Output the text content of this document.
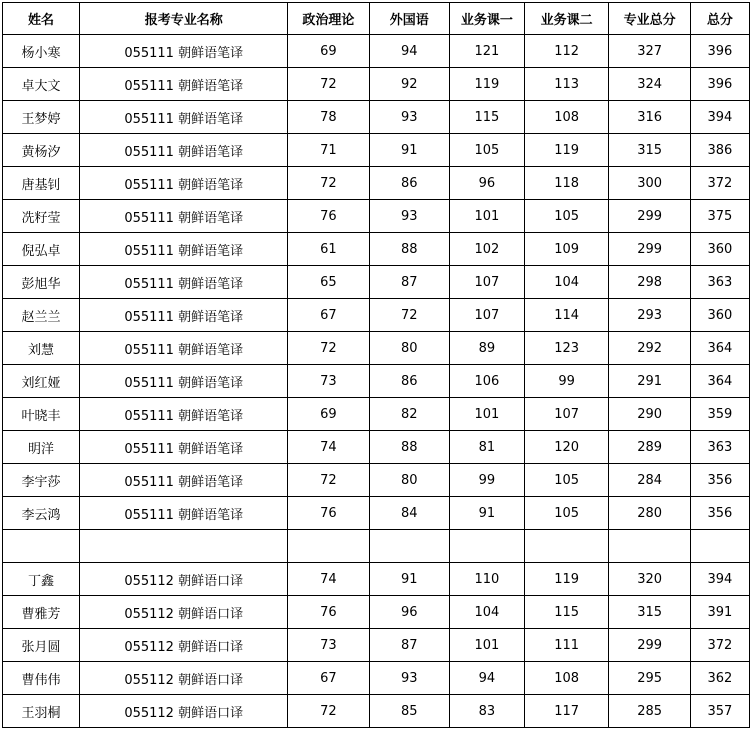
姓名	报考专业名称	政治理论	外国语	业务课一	业务课二	专业总分	总分
杨小寒	055111 朝鲜语笔译	69	94	121	112	327	396
卓大文	055111 朝鲜语笔译	72	92	119	113	324	396
王梦婷	055111 朝鲜语笔译	78	93	115	108	316	394
黄杨汐	055111 朝鲜语笔译	71	91	105	119	315	386
唐基钊	055111 朝鲜语笔译	72	86	96	118	300	372
冼籽莹	055111 朝鲜语笔译	76	93	101	105	299	375
倪弘卓	055111 朝鲜语笔译	61	88	102	109	299	360
彭旭华	055111 朝鲜语笔译	65	87	107	104	298	363
赵兰兰	055111 朝鲜语笔译	67	72	107	114	293	360
刘慧	055111 朝鲜语笔译	72	80	89	123	292	364
刘红娅	055111 朝鲜语笔译	73	86	106	99	291	364
叶晓丰	055111 朝鲜语笔译	69	82	101	107	290	359
明洋	055111 朝鲜语笔译	74	88	81	120	289	363
李宇莎	055111 朝鲜语笔译	72	80	99	105	284	356
李云鸿	055111 朝鲜语笔译	76	84	91	105	280	356

丁鑫	055112 朝鲜语口译	74	91	110	119	320	394
曹雅芳	055112 朝鲜语口译	76	96	104	115	315	391
张月圆	055112 朝鲜语口译	73	87	101	111	299	372
曹伟伟	055112 朝鲜语口译	67	93	94	108	295	362
王羽桐	055112 朝鲜语口译	72	85	83	117	285	357
